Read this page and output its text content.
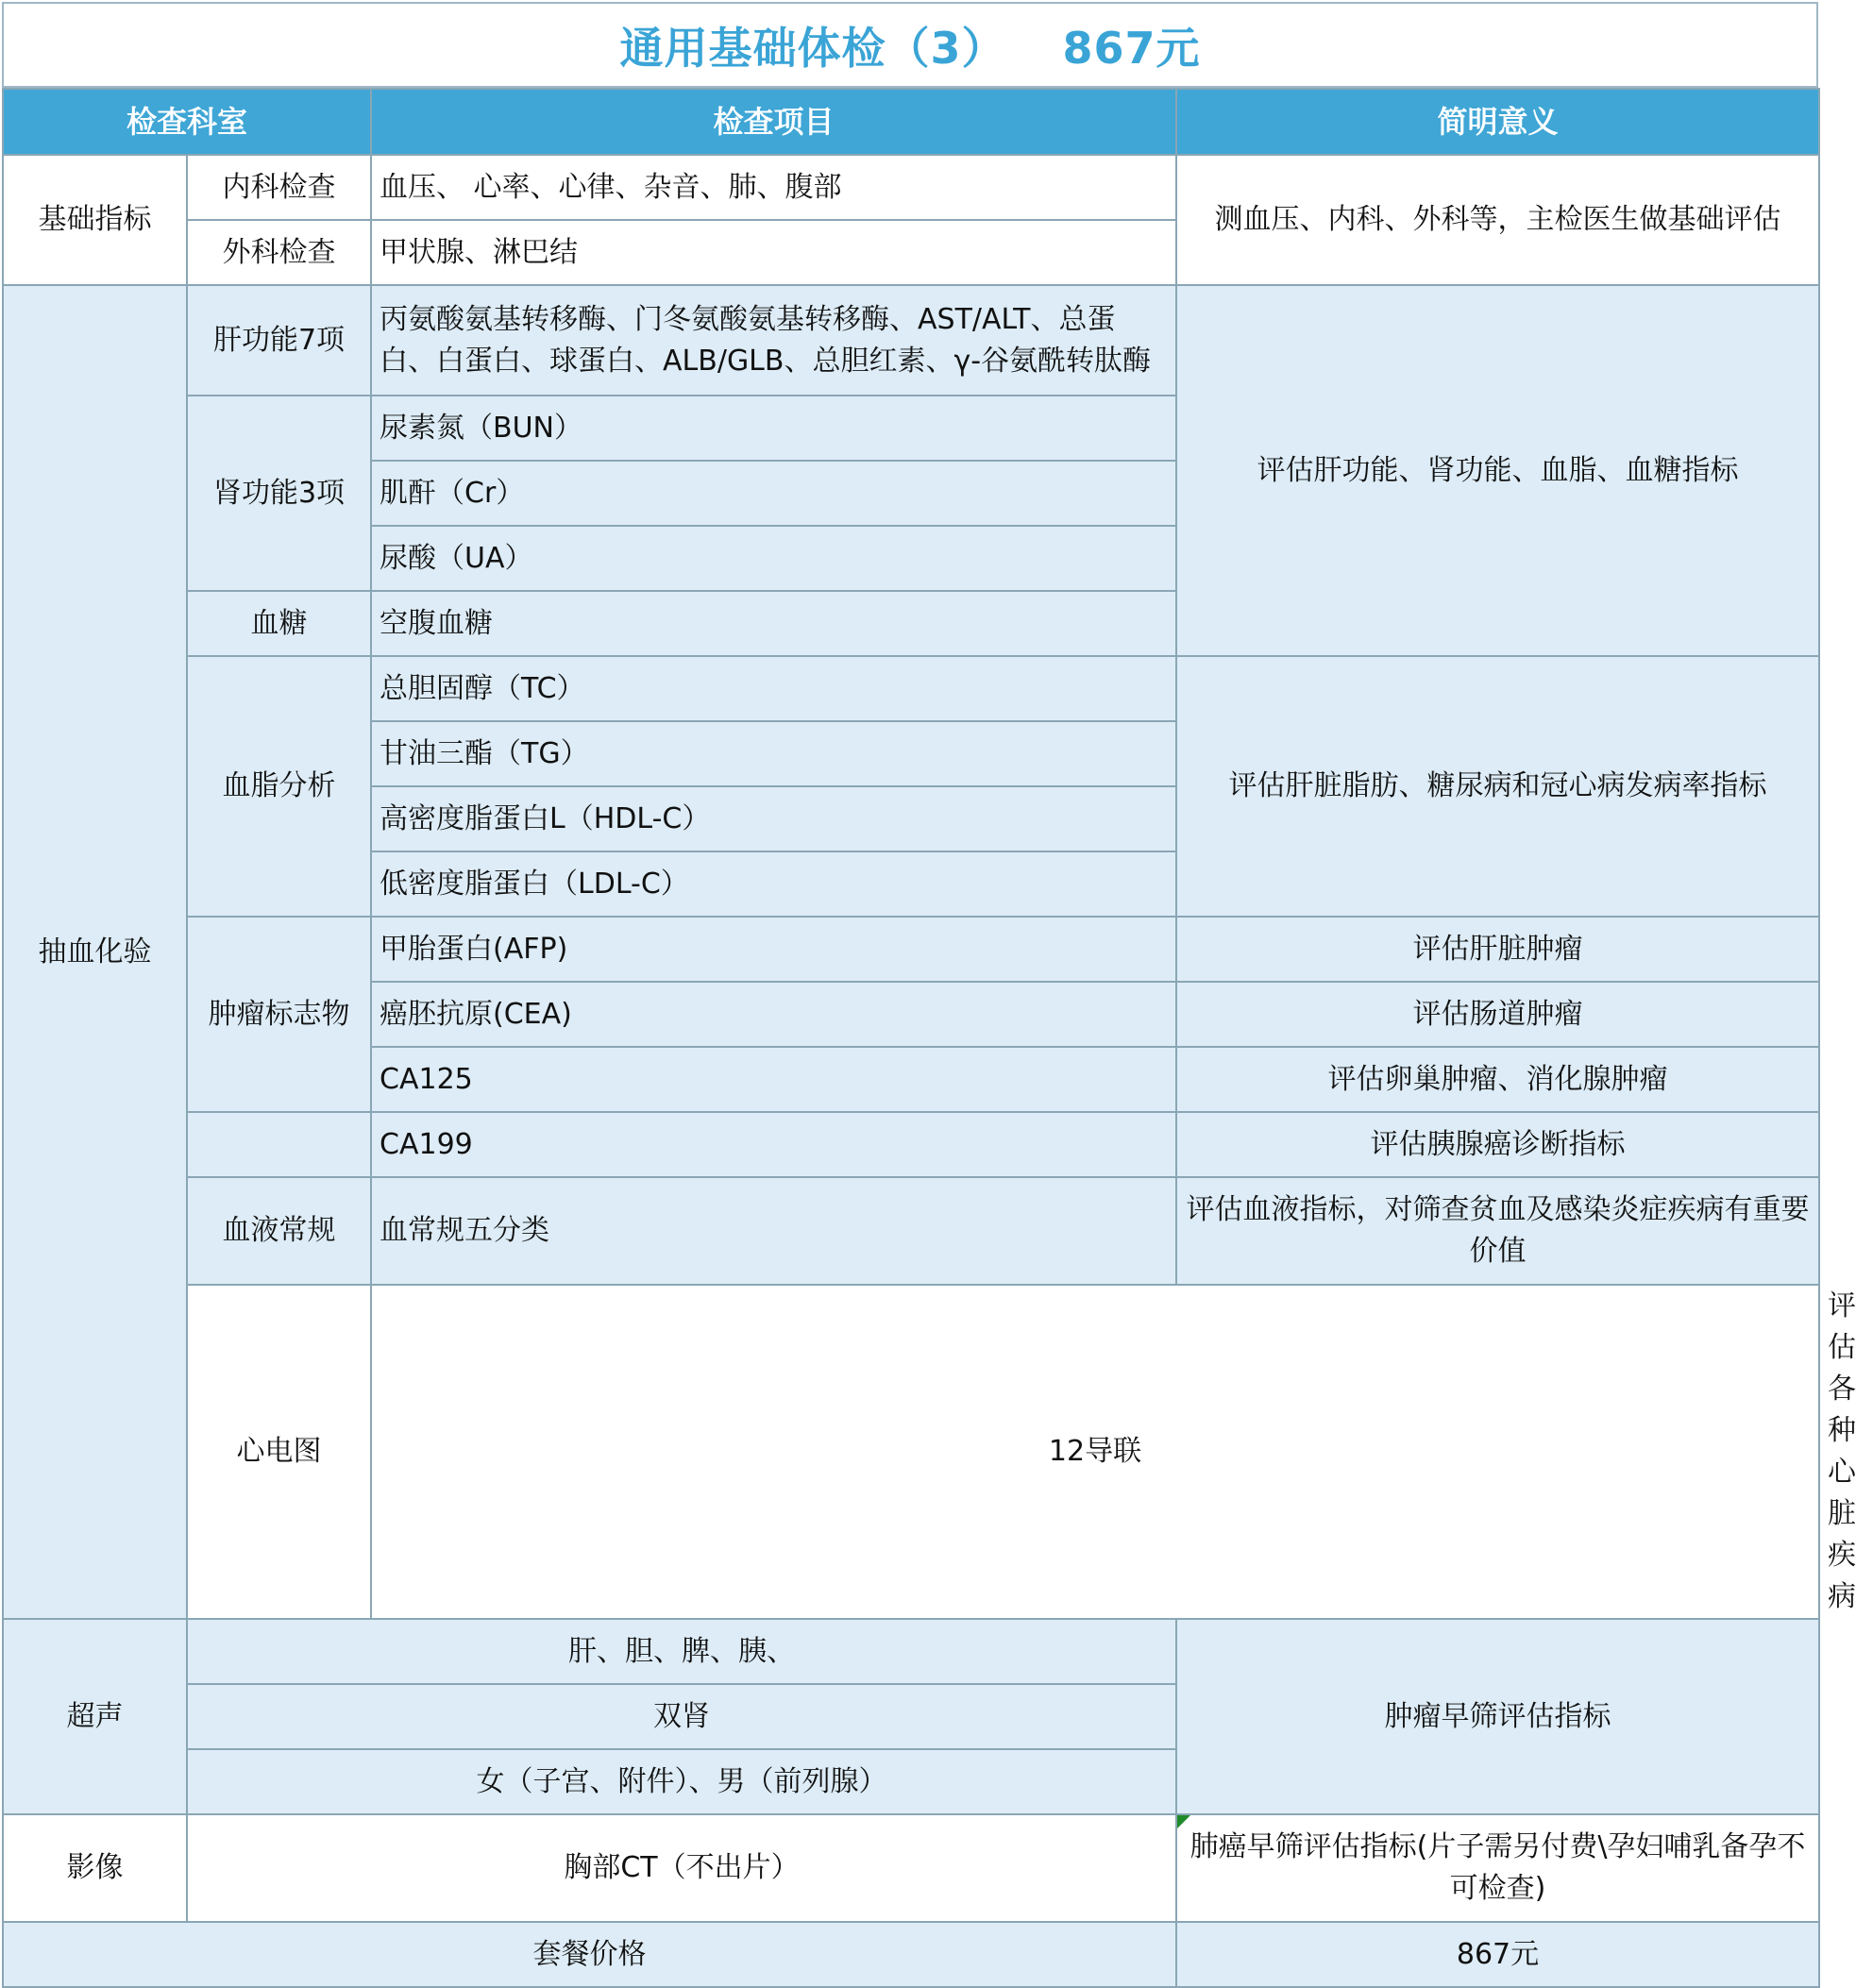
通用基础体检（3） 867元
检查科室		检查项目	简明意义	
基础指标	内科检查	血压、 心率、心律、杂音、肺、腹部	测血压、内科、外科等，主检医生做基础评估	
	外科检查	甲状腺、淋巴结		
抽血化验	肝功能7项	丙氨酸氨基转移酶、门冬氨酸氨基转移酶、AST/ALT、总蛋白、白蛋白、球蛋白、ALB/GLB、总胆红素、γ-谷氨酰转肽酶	评估肝功能、肾功能、血脂、血糖指标	
	肾功能3项	尿素氮（BUN）		
		肌酐（Cr）		
		尿酸（UA）		
	血糖	空腹血糖		
	血脂分析	总胆固醇（TC）	评估肝脏脂肪、糖尿病和冠心病发病率指标	
		甘油三酯（TG）		
		高密度脂蛋白L（HDL-C）		
		低密度脂蛋白（LDL-C）		
	肿瘤标志物	甲胎蛋白(AFP)	评估肝脏肿瘤	
		癌胚抗原(CEA)	评估肠道肿瘤	
		CA125	评估卵巢肿瘤、消化腺肿瘤	
		CA199	评估胰腺癌诊断指标	
	血液常规	血常规五分类	评估血液指标，对筛查贫血及感染炎症疾病有重要价值	
	心电图	12导联		评估各种心脏疾病
超声	肝、胆、脾、胰、		肿瘤早筛评估指标	
	双肾			
	女（子宫、附件）、男（前列腺）			
影像	胸部CT（不出片）		肺癌早筛评估指标(片子需另付费\孕妇哺乳备孕不可检查)	
套餐价格			867元	
